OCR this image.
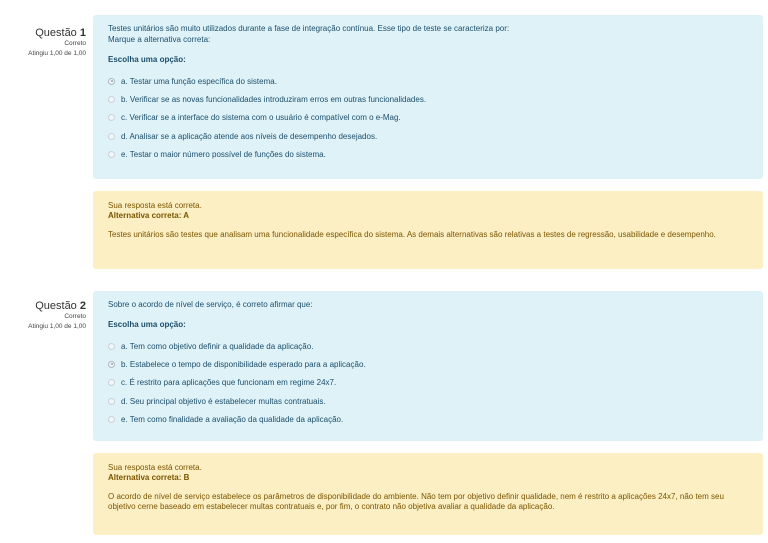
Questão 1
Correto
Atingiu 1,00 de 1,00
Testes unitários são muito utilizados durante a fase de integração contínua. Esse tipo de teste se caracteriza por:
Marque a alternativa correta:
Escolha uma opção:
a. Testar uma função específica do sistema.
b. Verificar se as novas funcionalidades introduziram erros em outras funcionalidades.
c. Verificar se a interface do sistema com o usuário é compatível com o e-Mag.
d. Analisar se a aplicação atende aos níveis de desempenho desejados.
e. Testar o maior número possível de funções do sistema.
Sua resposta está correta.
Alternativa correta: A
Testes unitários são testes que analisam uma funcionalidade específica do sistema. As demais alternativas são relativas a testes de regressão, usabilidade e desempenho.
Questão 2
Correto
Atingiu 1,00 de 1,00
Sobre o acordo de nível de serviço, é correto afirmar que:
Escolha uma opção:
a. Tem como objetivo definir a qualidade da aplicação.
b. Estabelece o tempo de disponibilidade esperado para a aplicação.
c. É restrito para aplicações que funcionam em regime 24x7.
d. Seu principal objetivo é estabelecer multas contratuais.
e. Tem como finalidade a avaliação da qualidade da aplicação.
Sua resposta está correta.
Alternativa correta: B
O acordo de nível de serviço estabelece os parâmetros de disponibilidade do ambiente. Não tem por objetivo definir qualidade, nem é restrito a aplicações 24x7, não tem seu objetivo cerne baseado em estabelecer multas contratuais e, por fim, o contrato não objetiva avaliar a qualidade da aplicação.
